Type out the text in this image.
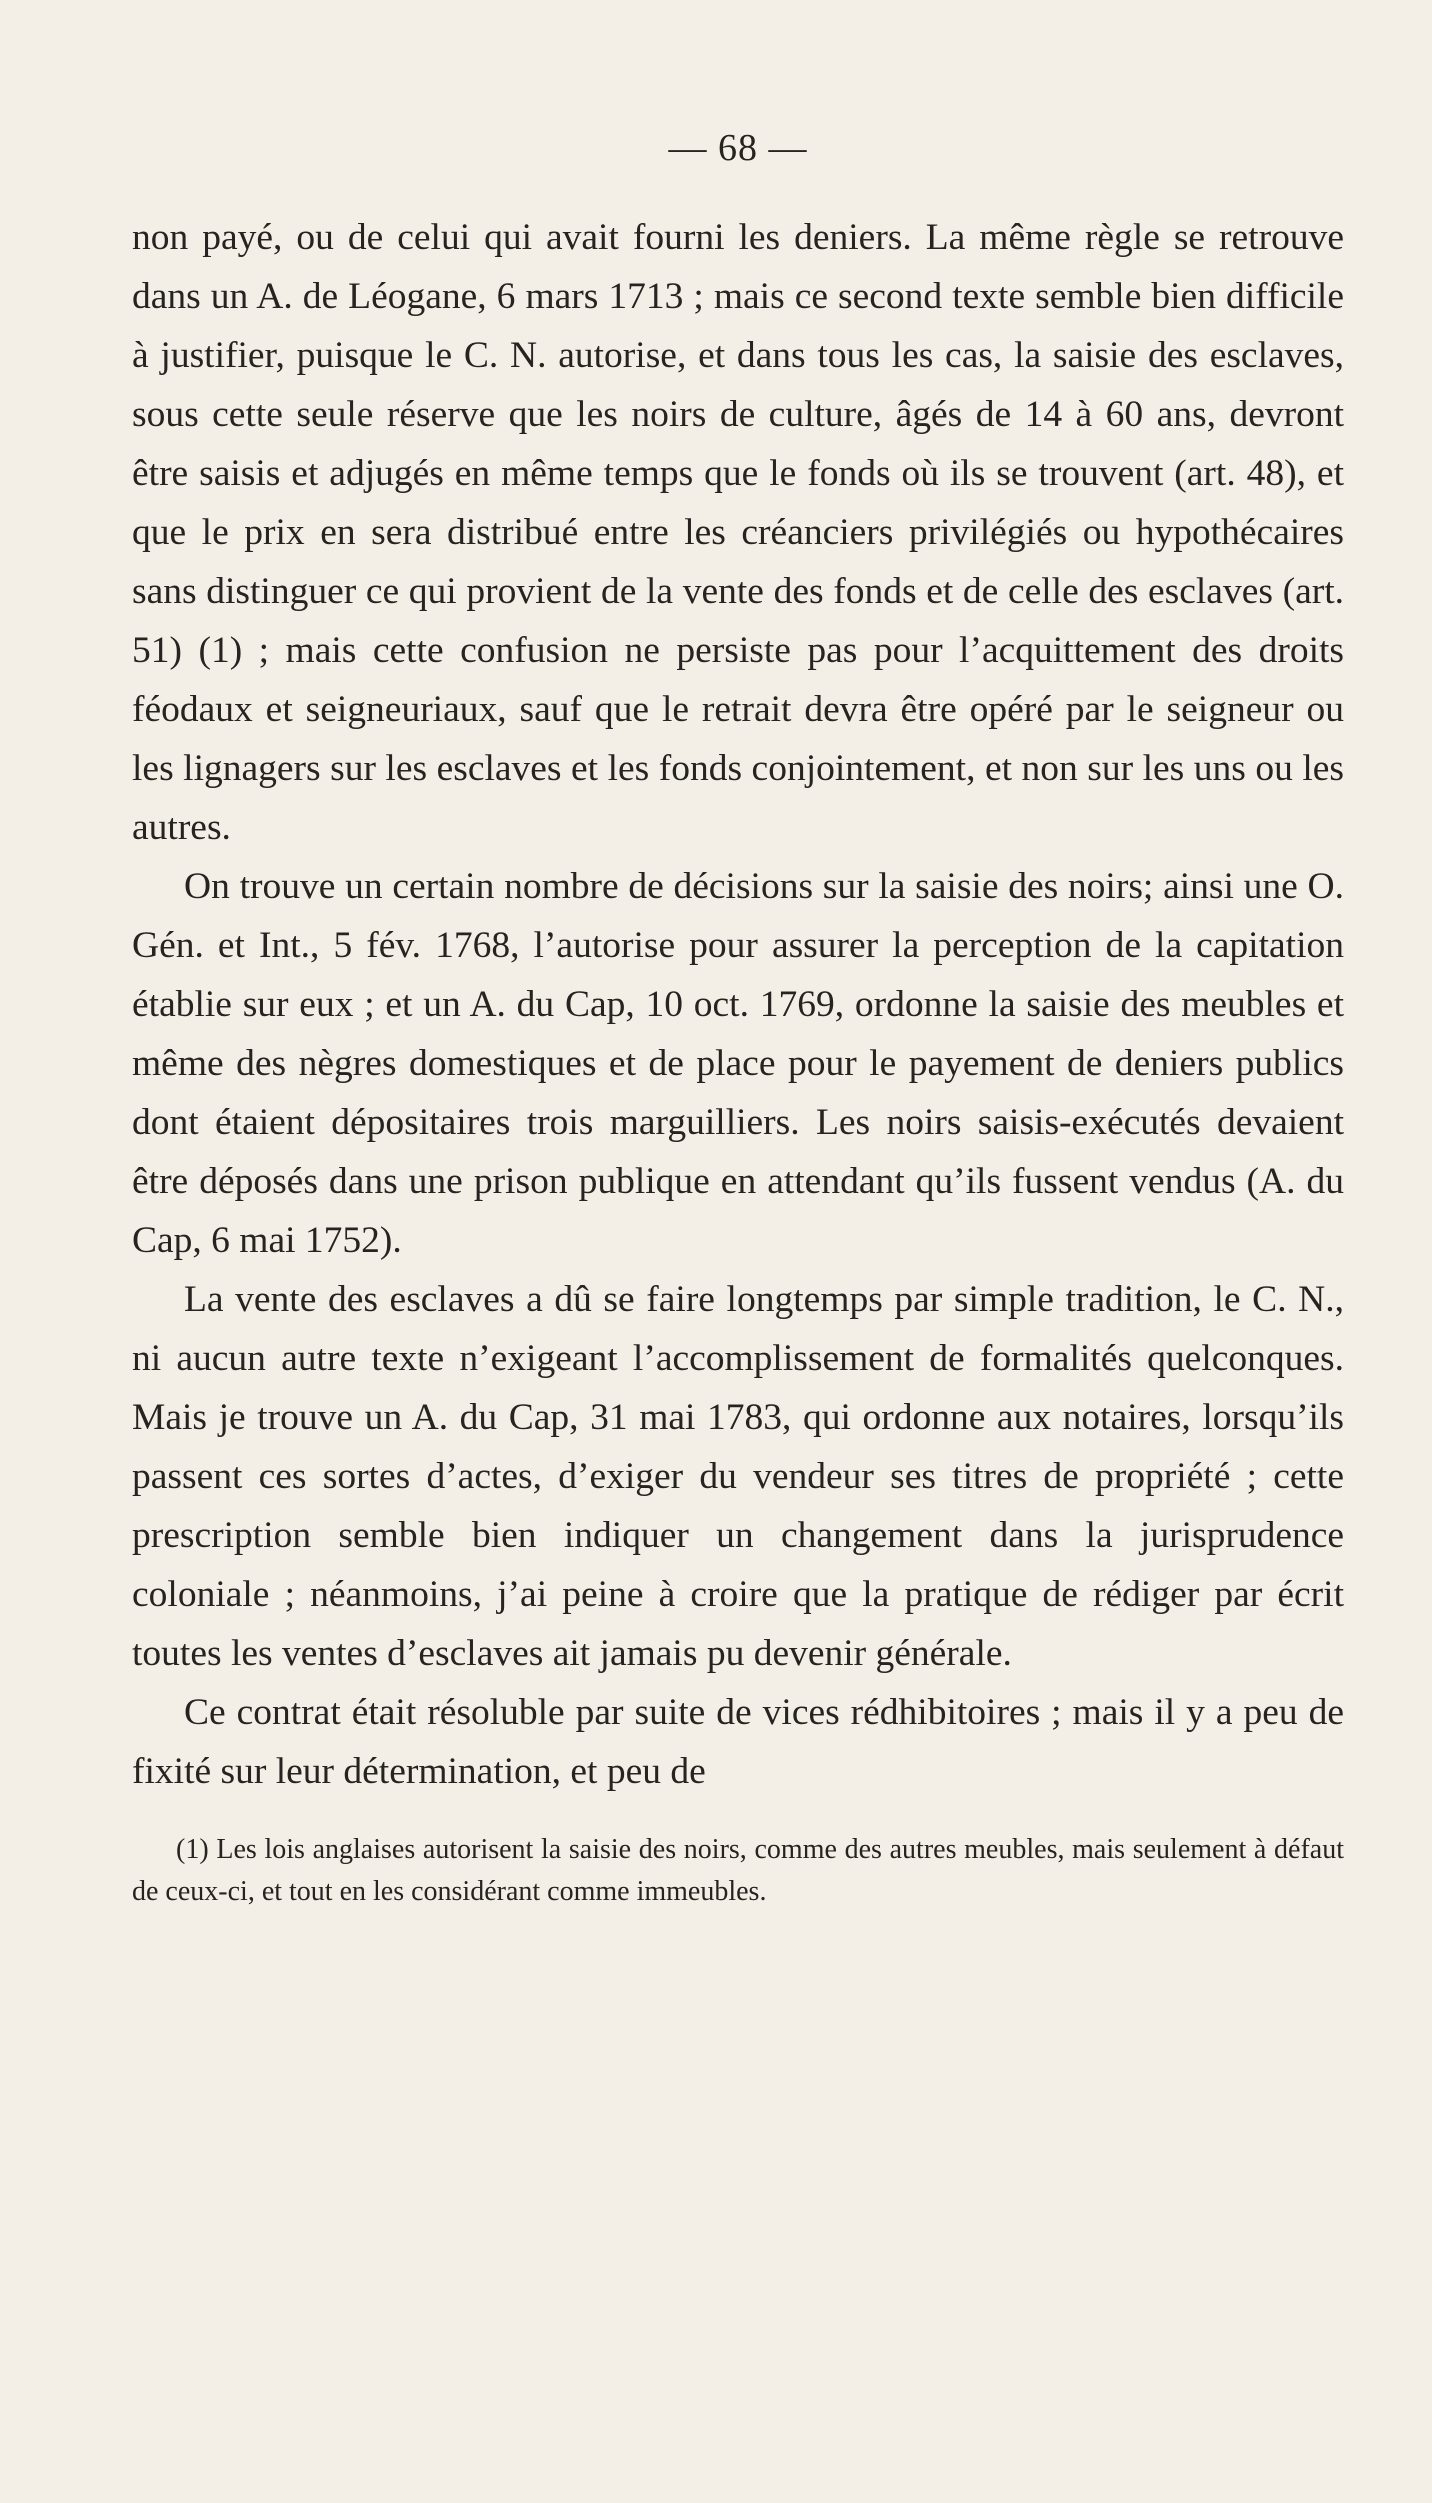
— 68 —

non payé, ou de celui qui avait fourni les deniers. La même règle se retrouve dans un A. de Léogane, 6 mars 1713 ; mais ce second texte semble bien difficile à justifier, puisque le C. N. autorise, et dans tous les cas, la saisie des esclaves, sous cette seule réserve que les noirs de culture, âgés de 14 à 60 ans, devront être saisis et adjugés en même temps que le fonds où ils se trouvent (art. 48), et que le prix en sera distribué entre les créanciers privilégiés ou hypothécaires sans distinguer ce qui provient de la vente des fonds et de celle des esclaves (art. 51) (1) ; mais cette confusion ne persiste pas pour l’acquittement des droits féodaux et seigneuriaux, sauf que le retrait devra être opéré par le seigneur ou les lignagers sur les esclaves et les fonds conjointement, et non sur les uns ou les autres.

On trouve un certain nombre de décisions sur la saisie des noirs; ainsi une O. Gén. et Int., 5 fév. 1768, l’autorise pour assurer la perception de la capitation établie sur eux ; et un A. du Cap, 10 oct. 1769, ordonne la saisie des meubles et même des nègres domestiques et de place pour le payement de deniers publics dont étaient dépositaires trois marguilliers. Les noirs saisis-exécutés devaient être déposés dans une prison publique en attendant qu’ils fussent vendus (A. du Cap, 6 mai 1752).

La vente des esclaves a dû se faire longtemps par simple tradition, le C. N., ni aucun autre texte n’exigeant l’accomplissement de formalités quelconques. Mais je trouve un A. du Cap, 31 mai 1783, qui ordonne aux notaires, lorsqu’ils passent ces sortes d’actes, d’exiger du vendeur ses titres de propriété ; cette prescription semble bien indiquer un changement dans la jurisprudence coloniale ; néanmoins, j’ai peine à croire que la pratique de rédiger par écrit toutes les ventes d’esclaves ait jamais pu devenir générale.

Ce contrat était résoluble par suite de vices rédhibitoires ; mais il y a peu de fixité sur leur détermination, et peu de

(1) Les lois anglaises autorisent la saisie des noirs, comme des autres meubles, mais seulement à défaut de ceux-ci, et tout en les considérant comme immeubles.
